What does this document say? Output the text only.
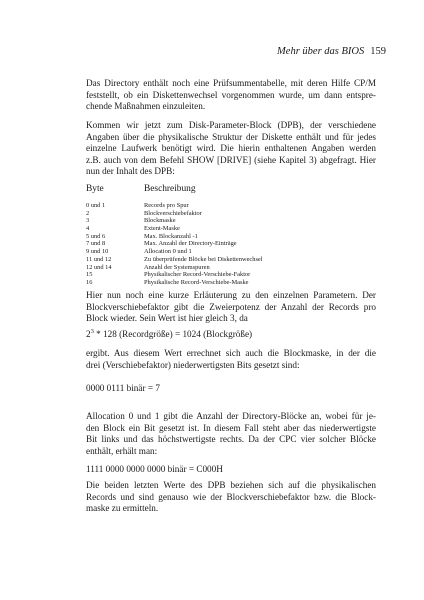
Mehr über das BIOS 159
Das Directory enthält noch eine Prüfsummentabelle, mit deren Hilfe CP/M
feststellt, ob ein Diskettenwechsel vorgenommen wurde, um dann entspre-
chende Maßnahmen einzuleiten.
Kommen wir jetzt zum Disk-Parameter-Block (DPB), der verschiedene
Angaben über die physikalische Struktur der Diskette enthält und für jedes
einzelne Laufwerk benötigt wird. Die hierin enthaltenen Angaben werden
z.B. auch von dem Befehl SHOW [DRIVE] (siehe Kapitel 3) abgefragt. Hier
nun der Inhalt des DPB:
Byte	Beschreibung
0 und 1	Records pro Spur
2	Blockverschiebefaktor
3	Blockmaske
4	Extent-Maske
5 und 6	Max. Blockanzahl -1
7 und 8	Max. Anzahl der Directory-Einträge
9 und 10	Allocation 0 und 1
11 und 12	Zu überprüfende Blöcke bei Diskettenwechsel
12 und 14	Anzahl der Systemspuren
15	Physikalischer Record-Verschiebe-Faktor
16	Physikalische Record-Verschiebe-Maske
Hier nun noch eine kurze Erläuterung zu den einzelnen Parametern. Der
Blockverschiebefaktor gibt die Zweierpotenz der Anzahl der Records pro
Block wieder. Sein Wert ist hier gleich 3, da
$2^3 * 128$ (Recordgröße) = 1024 (Blockgröße)
ergibt. Aus diesem Wert errechnet sich auch die Blockmaske, in der die
drei (Verschiebefaktor) niederwertigsten Bits gesetzt sind:
0000 0111 binär = 7
Allocation 0 und 1 gibt die Anzahl der Directory-Blöcke an, wobei für je-
den Block ein Bit gesetzt ist. In diesem Fall steht aber das niederwertigste
Bit links und das höchstwertigste rechts. Da der CPC vier solcher Blöcke
enthält, erhält man:
1111 0000 0000 0000 binär = C000H
Die beiden letzten Werte des DPB beziehen sich auf die physikalischen
Records und sind genauso wie der Blockverschiebefaktor bzw. die Block-
maske zu ermitteln.
